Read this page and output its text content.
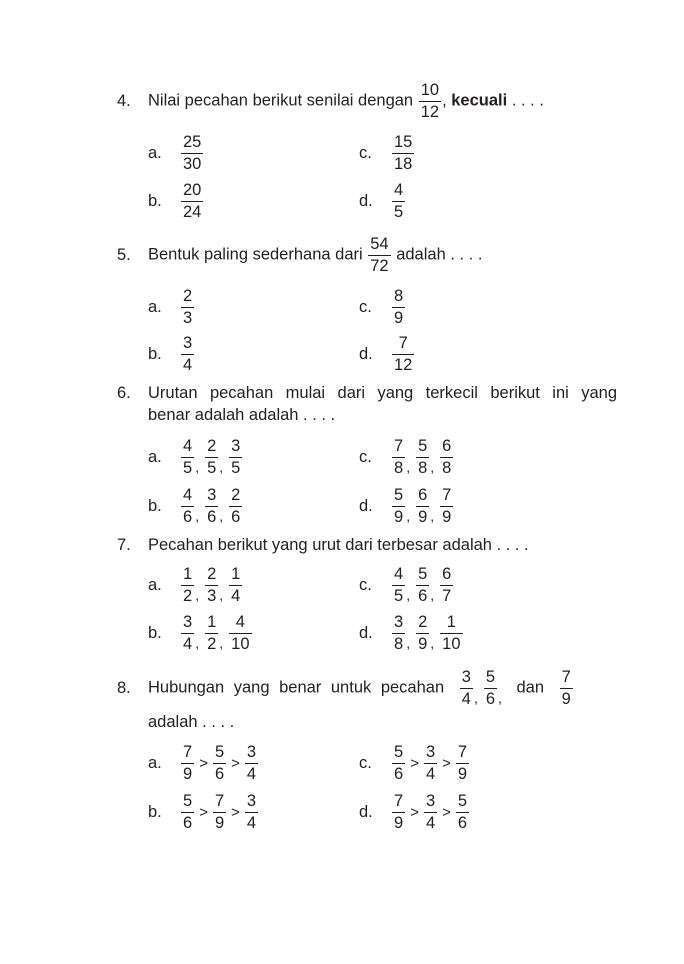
4. Nilai pecahan berikut senilai dengan $\frac{10}{12}$ , kecuali . . . .
a. $\frac{25}{30}$	c. $\frac{15}{18}$
b. $\frac{20}{24}$	d. $\frac{4}{5}$
5. Bentuk paling sederhana dari $\frac{54}{72}$ adalah . . . .
a. $\frac{2}{3}$	c. $\frac{8}{9}$
b. $\frac{3}{4}$	d. $\frac{7}{12}$
6. Urutan pecahan mulai dari yang terkecil berikut ini yang
benar adalah adalah . . . .
a. $\frac{4}{5}$ , $\frac{2}{5}$ , $\frac{3}{5}$	c. $\frac{7}{8}$ , $\frac{5}{8}$ , $\frac{6}{8}$
b. $\frac{4}{6}$ , $\frac{3}{6}$ , $\frac{2}{6}$	d. $\frac{5}{9}$ , $\frac{6}{9}$ , $\frac{7}{9}$
7. Pecahan berikut yang urut dari terbesar adalah . . . .
a. $\frac{1}{2}$ , $\frac{2}{3}$ , $\frac{1}{4}$	c. $\frac{4}{5}$ , $\frac{5}{6}$ , $\frac{6}{7}$
b. $\frac{3}{4}$ , $\frac{1}{2}$ , $\frac{4}{10}$	d. $\frac{3}{8}$ , $\frac{2}{9}$ , $\frac{1}{10}$
8. Hubungan yang benar untuk pecahan $\frac{3}{4}$ , $\frac{5}{6}$ , dan $\frac{7}{9}$
adalah . . . .
a. $\frac{7}{9} > \frac{5}{6} > \frac{3}{4}$	c. $\frac{5}{6} > \frac{3}{4} > \frac{7}{9}$
b. $\frac{5}{6} > \frac{7}{9} > \frac{3}{4}$	d. $\frac{7}{9} > \frac{3}{4} > \frac{5}{6}$
